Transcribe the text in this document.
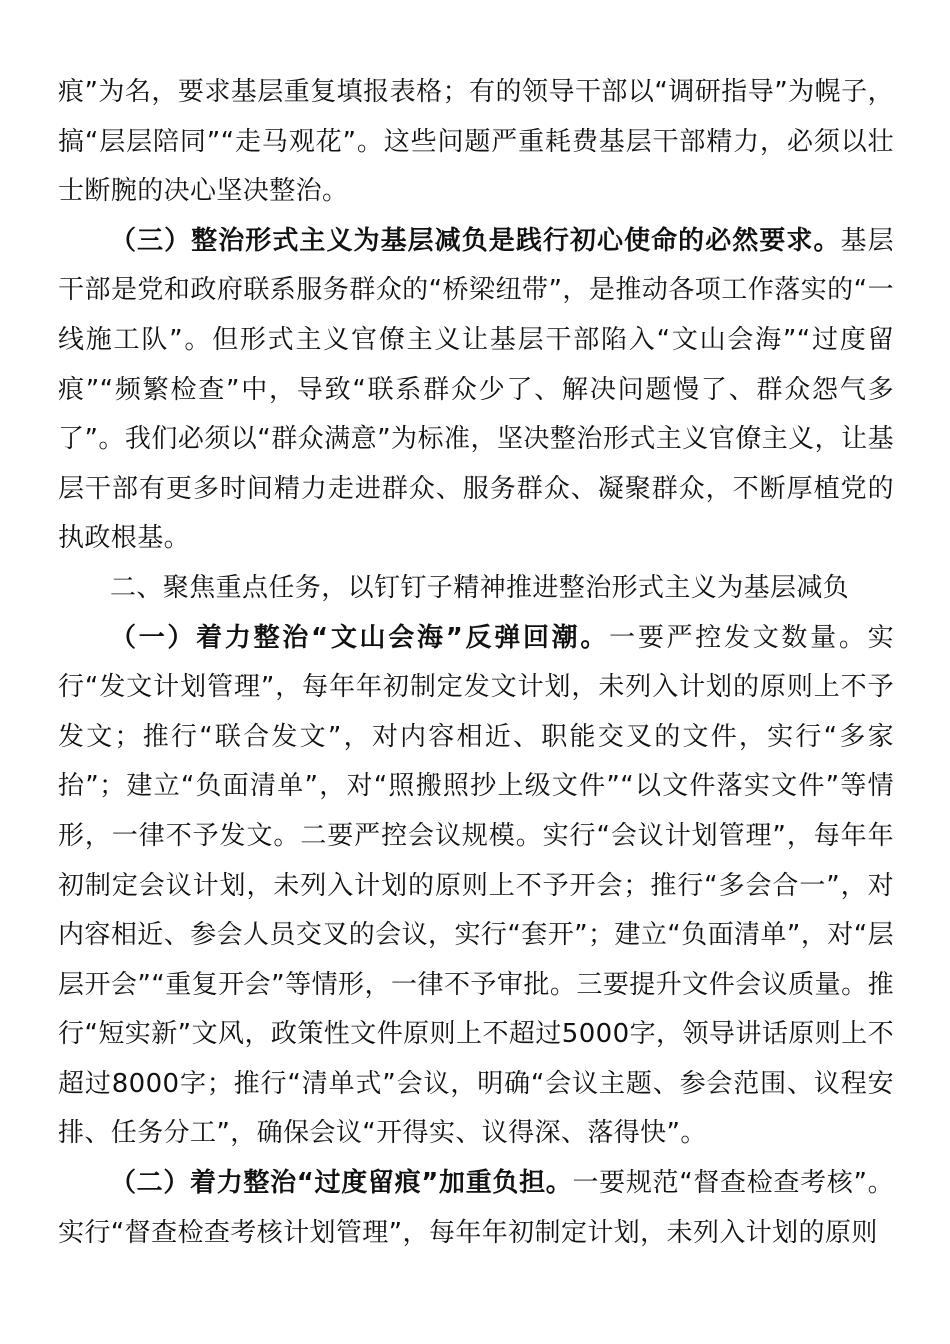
痕”为名，要求基层重复填报表格；有的领导干部以“调研指导”为幌子，搞“层层陪同”“走马观花”。这些问题严重耗费基层干部精力，必须以壮士断腕的决心坚决整治。

（三）整治形式主义为基层减负是践行初心使命的必然要求。基层干部是党和政府联系服务群众的“桥梁纽带”，是推动各项工作落实的“一线施工队”。但形式主义官僚主义让基层干部陷入“文山会海”“过度留痕”“频繁检查”中，导致“联系群众少了、解决问题慢了、群众怨气多了”。我们必须以“群众满意”为标准，坚决整治形式主义官僚主义，让基层干部有更多时间精力走进群众、服务群众、凝聚群众，不断厚植党的执政根基。

二、聚焦重点任务，以钉钉子精神推进整治形式主义为基层减负

（一）着力整治“文山会海”反弹回潮。一要严控发文数量。实行“发文计划管理”，每年年初制定发文计划，未列入计划的原则上不予发文；推行“联合发文”，对内容相近、职能交叉的文件，实行“多家抬”；建立“负面清单”，对“照搬照抄上级文件”“以文件落实文件”等情形，一律不予发文。二要严控会议规模。实行“会议计划管理”，每年年初制定会议计划，未列入计划的原则上不予开会；推行“多会合一”，对内容相近、参会人员交叉的会议，实行“套开”；建立“负面清单”，对“层层开会”“重复开会”等情形，一律不予审批。三要提升文件会议质量。推行“短实新”文风，政策性文件原则上不超过5000字，领导讲话原则上不超过8000字；推行“清单式”会议，明确“会议主题、参会范围、议程安排、任务分工”，确保会议“开得实、议得深、落得快”。

（二）着力整治“过度留痕”加重负担。一要规范“督查检查考核”。实行“督查检查考核计划管理”，每年年初制定计划，未列入计划的原则
